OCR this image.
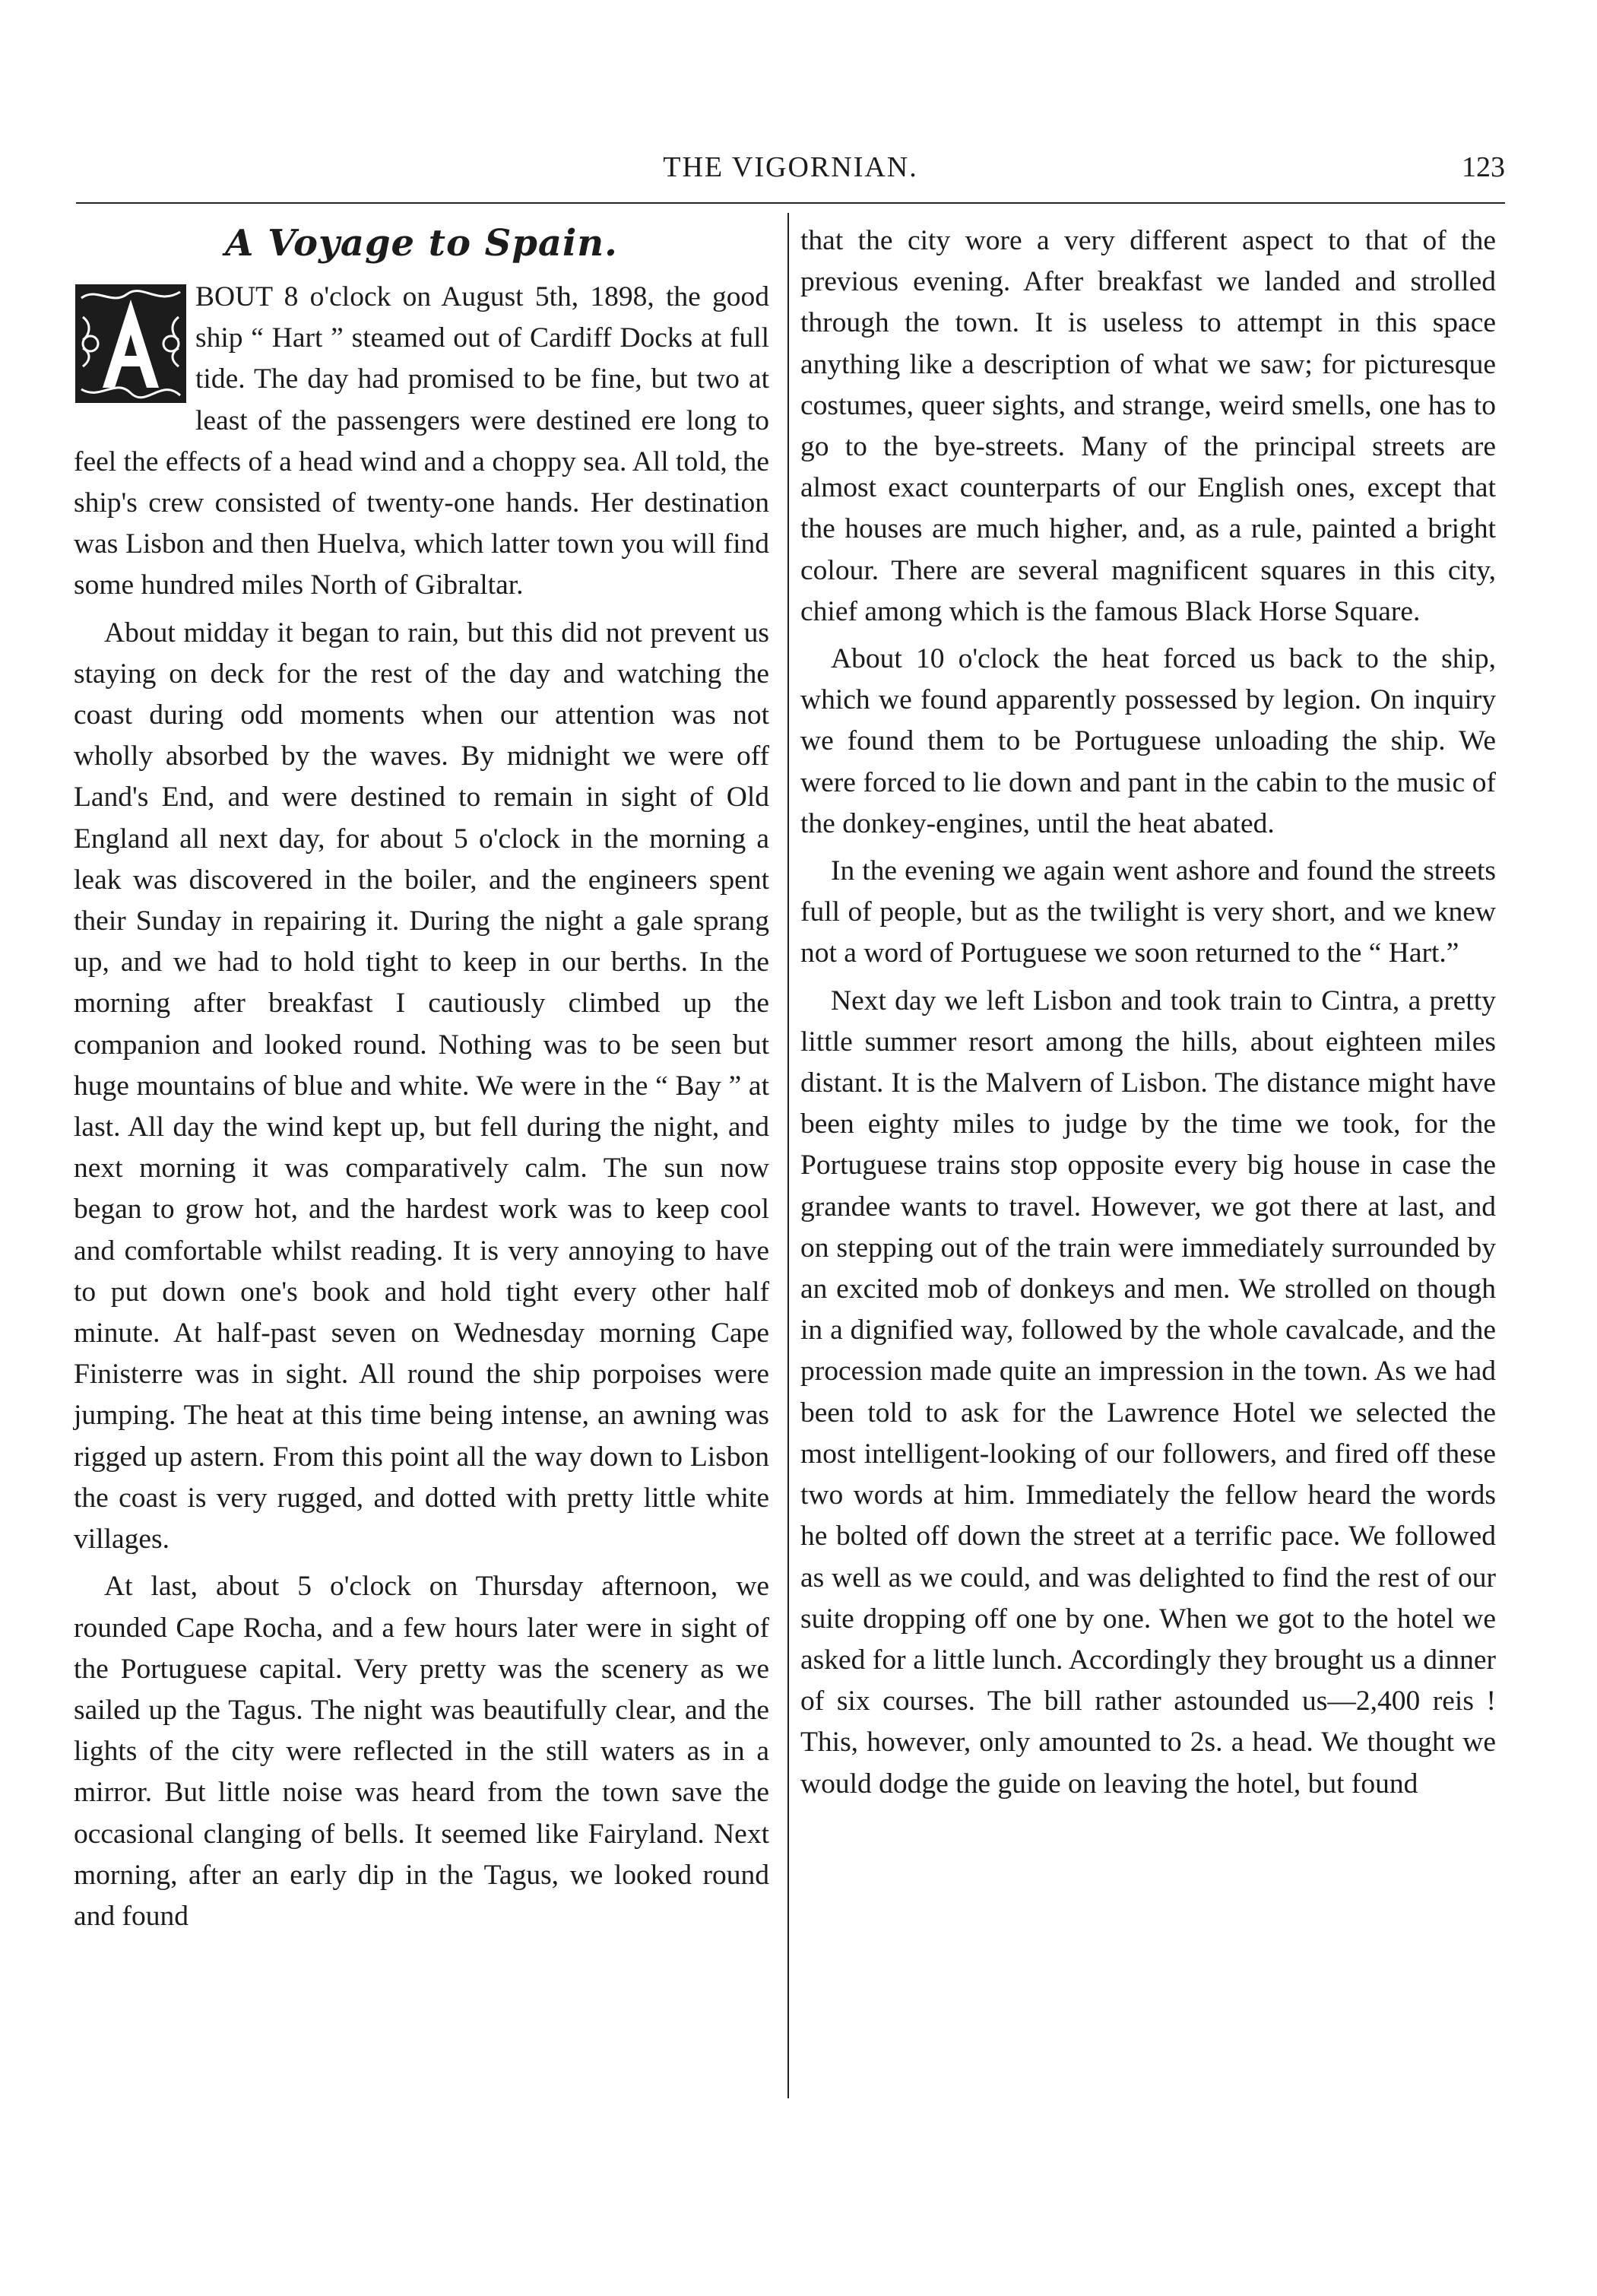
THE VIGORNIAN.	123
A Voyage to Spain.
A

BOUT 8 o'clock on August 5th, 1898, the good ship “ Hart ” steamed out of Cardiff Docks at full tide. The day had promised to be fine, but two at least of the passengers were destined ere long to feel the effects of a head wind and a choppy sea. All told, the ship's crew consisted of twenty-one hands. Her destination was Lisbon and then Huelva, which latter town you will find some hundred miles North of Gibraltar.

About midday it began to rain, but this did not prevent us staying on deck for the rest of the day and watching the coast during odd moments when our attention was not wholly absorbed by the waves. By midnight we were off Land's End, and were destined to remain in sight of Old England all next day, for about 5 o'clock in the morning a leak was discovered in the boiler, and the engineers spent their Sunday in repairing it. During the night a gale sprang up, and we had to hold tight to keep in our berths. In the morning after breakfast I cautiously climbed up the companion and looked round. Nothing was to be seen but huge mountains of blue and white. We were in the “ Bay ” at last. All day the wind kept up, but fell during the night, and next morning it was comparatively calm. The sun now began to grow hot, and the hardest work was to keep cool and comfortable whilst reading. It is very annoying to have to put down one's book and hold tight every other half minute. At half-past seven on Wednesday morning Cape Finisterre was in sight. All round the ship porpoises were jumping. The heat at this time being intense, an awning was rigged up astern. From this point all the way down to Lisbon the coast is very rugged, and dotted with pretty little white villages.

At last, about 5 o'clock on Thursday afternoon, we rounded Cape Rocha, and a few hours later were in sight of the Portuguese capital. Very pretty was the scenery as we sailed up the Tagus. The night was beautifully clear, and the lights of the city were reflected in the still waters as in a mirror. But little noise was heard from the town save the occasional clanging of bells. It seemed like Fairyland. Next morning, after an early dip in the Tagus, we looked round and found

that the city wore a very different aspect to that of the previous evening. After breakfast we landed and strolled through the town. It is useless to attempt in this space anything like a description of what we saw; for picturesque costumes, queer sights, and strange, weird smells, one has to go to the bye-streets. Many of the principal streets are almost exact counterparts of our English ones, except that the houses are much higher, and, as a rule, painted a bright colour. There are several magnificent squares in this city, chief among which is the famous Black Horse Square.

About 10 o'clock the heat forced us back to the ship, which we found apparently possessed by legion. On inquiry we found them to be Portuguese unloading the ship. We were forced to lie down and pant in the cabin to the music of the donkey-engines, until the heat abated.

In the evening we again went ashore and found the streets full of people, but as the twilight is very short, and we knew not a word of Portuguese we soon returned to the “ Hart.”

Next day we left Lisbon and took train to Cintra, a pretty little summer resort among the hills, about eighteen miles distant. It is the Malvern of Lisbon. The distance might have been eighty miles to judge by the time we took, for the Portuguese trains stop opposite every big house in case the grandee wants to travel. However, we got there at last, and on stepping out of the train were immediately surrounded by an excited mob of donkeys and men. We strolled on though in a dignified way, followed by the whole cavalcade, and the procession made quite an impression in the town. As we had been told to ask for the Lawrence Hotel we selected the most intelligent-looking of our followers, and fired off these two words at him. Immediately the fellow heard the words he bolted off down the street at a terrific pace. We followed as well as we could, and was delighted to find the rest of our suite dropping off one by one. When we got to the hotel we asked for a little lunch. Accordingly they brought us a dinner of six courses. The bill rather astounded us—2,400 reis ! This, however, only amounted to 2s. a head. We thought we would dodge the guide on leaving the hotel, but found
